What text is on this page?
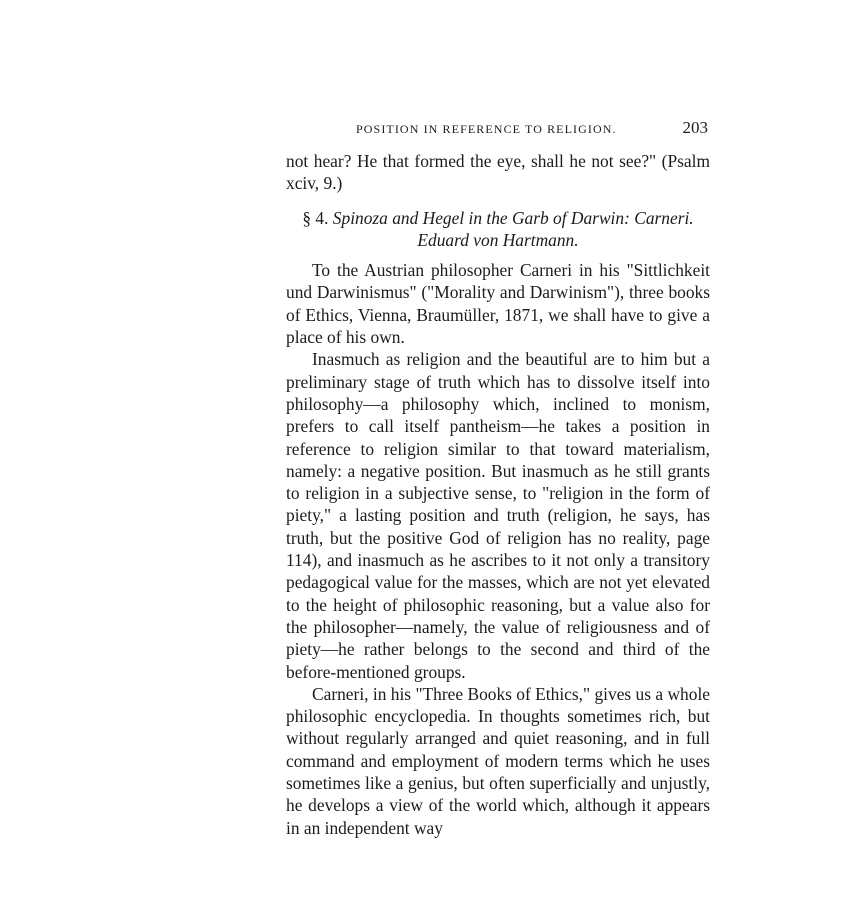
POSITION IN REFERENCE TO RELIGION.	203

not hear? He that formed the eye, shall he not see?" (Psalm xciv, 9.)

§ 4. Spinoza and Hegel in the Garb of Darwin: Carneri.
Eduard von Hartmann.

To the Austrian philosopher Carneri in his "Sittlichkeit und Darwinismus" ("Morality and Darwinism"), three books of Ethics, Vienna, Braumüller, 1871, we shall have to give a place of his own.

Inasmuch as religion and the beautiful are to him but a preliminary stage of truth which has to dissolve itself into philosophy—a philosophy which, inclined to monism, prefers to call itself pantheism—he takes a position in reference to religion similar to that toward materialism, namely: a negative position. But inasmuch as he still grants to religion in a subjective sense, to "religion in the form of piety," a lasting position and truth (religion, he says, has truth, but the positive God of religion has no reality, page 114), and inasmuch as he ascribes to it not only a transitory pedagogical value for the masses, which are not yet elevated to the height of philosophic reasoning, but a value also for the philosopher—namely, the value of religiousness and of piety—he rather belongs to the second and third of the before-mentioned groups.

Carneri, in his "Three Books of Ethics," gives us a whole philosophic encyclopedia. In thoughts sometimes rich, but without regularly arranged and quiet reasoning, and in full command and employment of modern terms which he uses sometimes like a genius, but often superficially and unjustly, he develops a view of the world which, although it appears in an independent way
